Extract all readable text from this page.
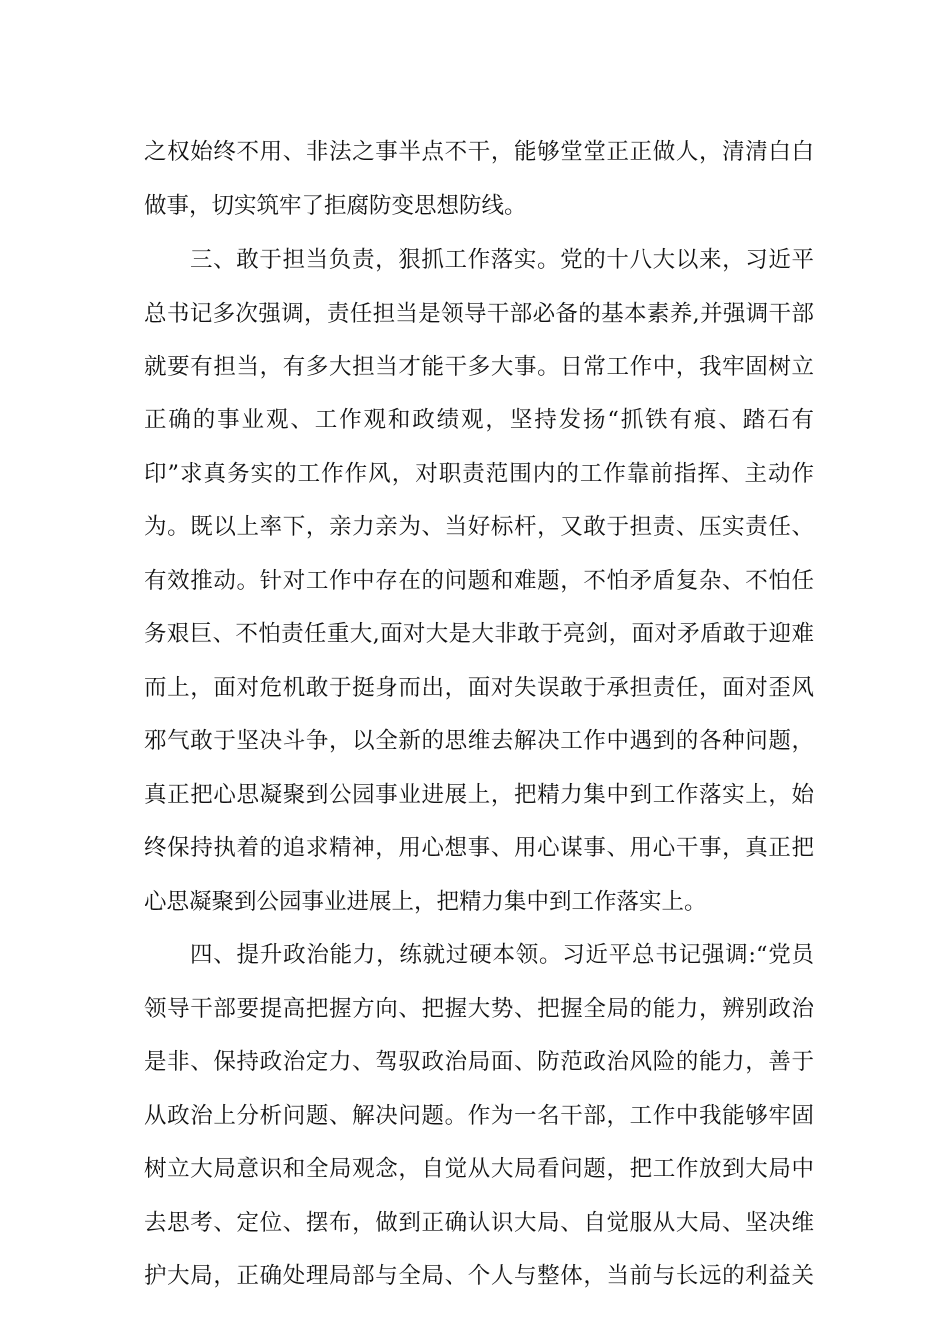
之权始终不用、非法之事半点不干，能够堂堂正正做人，清清白白
做事，切实筑牢了拒腐防变思想防线。
三、敢于担当负责，狠抓工作落实。党的十八大以来，习近平
总书记多次强调，责任担当是领导干部必备的基本素养,并强调干部
就要有担当，有多大担当才能干多大事。日常工作中，我牢固树立
正确的事业观、工作观和政绩观，坚持发扬“抓铁有痕、踏石有
印”求真务实的工作作风，对职责范围内的工作靠前指挥、主动作
为。既以上率下，亲力亲为、当好标杆，又敢于担责、压实责任、
有效推动。针对工作中存在的问题和难题，不怕矛盾复杂、不怕任
务艰巨、不怕责任重大,面对大是大非敢于亮剑，面对矛盾敢于迎难
而上，面对危机敢于挺身而出，面对失误敢于承担责任，面对歪风
邪气敢于坚决斗争，以全新的思维去解决工作中遇到的各种问题，
真正把心思凝聚到公园事业进展上，把精力集中到工作落实上，始
终保持执着的追求精神，用心想事、用心谋事、用心干事，真正把
心思凝聚到公园事业进展上，把精力集中到工作落实上。
四、提升政治能力，练就过硬本领。习近平总书记强调:“党员
领导干部要提高把握方向、把握大势、把握全局的能力，辨别政治
是非、保持政治定力、驾驭政治局面、防范政治风险的能力，善于
从政治上分析问题、解决问题。作为一名干部，工作中我能够牢固
树立大局意识和全局观念，自觉从大局看问题，把工作放到大局中
去思考、定位、摆布，做到正确认识大局、自觉服从大局、坚决维
护大局，正确处理局部与全局、个人与整体，当前与长远的利益关
